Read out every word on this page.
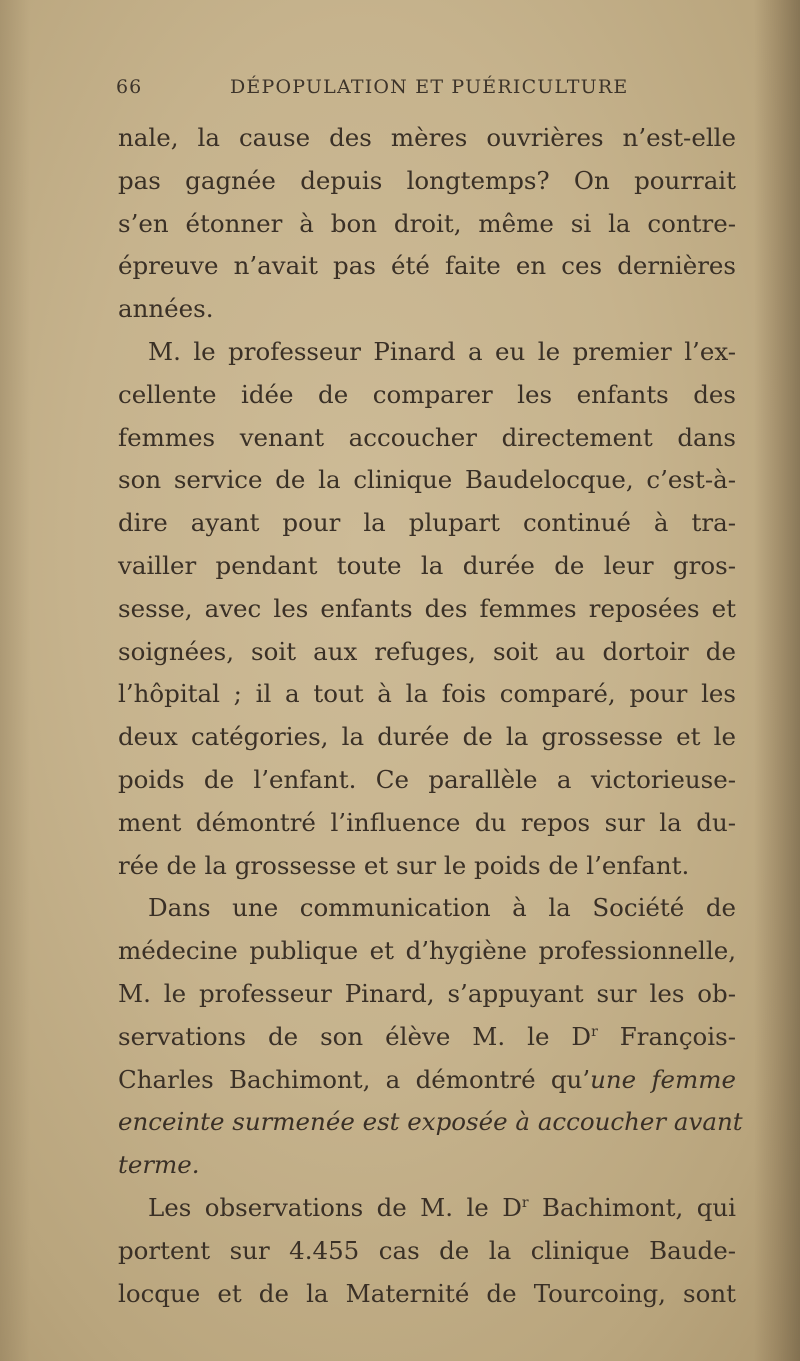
66	DÉPOPULATION ET PUÉRICULTURE
nale, la cause des mères ouvrières n’est-elle
pas gagnée depuis longtemps? On pourrait
s’en étonner à bon droit, même si la contre-
épreuve n’avait pas été faite en ces dernières
années.
M. le professeur Pinard a eu le premier l’ex-
cellente idée de comparer les enfants des
femmes venant accoucher directement dans
son service de la clinique Baudelocque, c’est-à-
dire ayant pour la plupart continué à tra-
vailler pendant toute la durée de leur gros-
sesse, avec les enfants des femmes reposées et
soignées, soit aux refuges, soit au dortoir de
l’hôpital ; il a tout à la fois comparé, pour les
deux catégories, la durée de la grossesse et le
poids de l’enfant. Ce parallèle a victorieuse-
ment démontré l’influence du repos sur la du-
rée de la grossesse et sur le poids de l’enfant.
Dans une communication à la Société de
médecine publique et d’hygiène professionnelle,
M. le professeur Pinard, s’appuyant sur les ob-
servations de son élève M. le $D^r$ François-
Charles Bachimont, a démontré qu’une femme
enceinte surmenée est exposée à accoucher avant
terme.
Les observations de M. le $D^r$ Bachimont, qui
portent sur 4.455 cas de la clinique Baude-
locque et de la Maternité de Tourcoing, sont
